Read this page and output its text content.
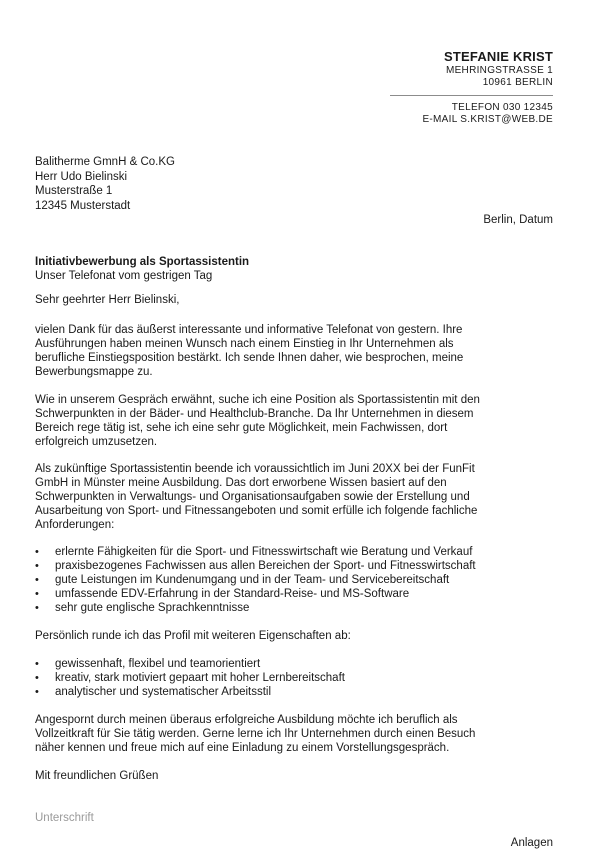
STEFANIE KRIST
MEHRINGSTRASSE 1
10961 BERLIN
TELEFON 030 12345
E-MAIL S.KRIST@WEB.DE
Balitherme GmnH & Co.KG
Herr Udo Bielinski
Musterstraße 1
12345 Musterstadt
Berlin, Datum
Initiativbewerbung als Sportassistentin
Unser Telefonat vom gestrigen Tag
Sehr geehrter Herr Bielinski,
vielen Dank für das äußerst interessante und informative Telefonat von gestern. Ihre
Ausführungen haben meinen Wunsch nach einem Einstieg in Ihr Unternehmen als
berufliche Einstiegsposition bestärkt. Ich sende Ihnen daher, wie besprochen, meine
Bewerbungsmappe zu.
Wie in unserem Gespräch erwähnt, suche ich eine Position als Sportassistentin mit den
Schwerpunkten in der Bäder- und Healthclub-Branche. Da Ihr Unternehmen in diesem
Bereich rege tätig ist, sehe ich eine sehr gute Möglichkeit, mein Fachwissen, dort
erfolgreich umzusetzen.
Als zukünftige Sportassistentin beende ich voraussichtlich im Juni 20XX bei der FunFit
GmbH in Münster meine Ausbildung. Das dort erworbene Wissen basiert auf den
Schwerpunkten in Verwaltungs- und Organisationsaufgaben sowie der Erstellung und
Ausarbeitung von Sport- und Fitnessangeboten und somit erfülle ich folgende fachliche
Anforderungen:
•	erlernte Fähigkeiten für die Sport- und Fitnesswirtschaft wie Beratung und Verkauf
•	praxisbezogenes Fachwissen aus allen Bereichen der Sport- und Fitnesswirtschaft
•	gute Leistungen im Kundenumgang und in der Team- und Servicebereitschaft
•	umfassende EDV-Erfahrung in der Standard-Reise- und MS-Software
•	sehr gute englische Sprachkenntnisse
Persönlich runde ich das Profil mit weiteren Eigenschaften ab:
•	gewissenhaft, flexibel und teamorientiert
•	kreativ, stark motiviert gepaart mit hoher Lernbereitschaft
•	analytischer und systematischer Arbeitsstil
Angespornt durch meinen überaus erfolgreiche Ausbildung möchte ich beruflich als
Vollzeitkraft für Sie tätig werden. Gerne lerne ich Ihr Unternehmen durch einen Besuch
näher kennen und freue mich auf eine Einladung zu einem Vorstellungsgespräch.
Mit freundlichen Grüßen
Unterschrift
Anlagen
